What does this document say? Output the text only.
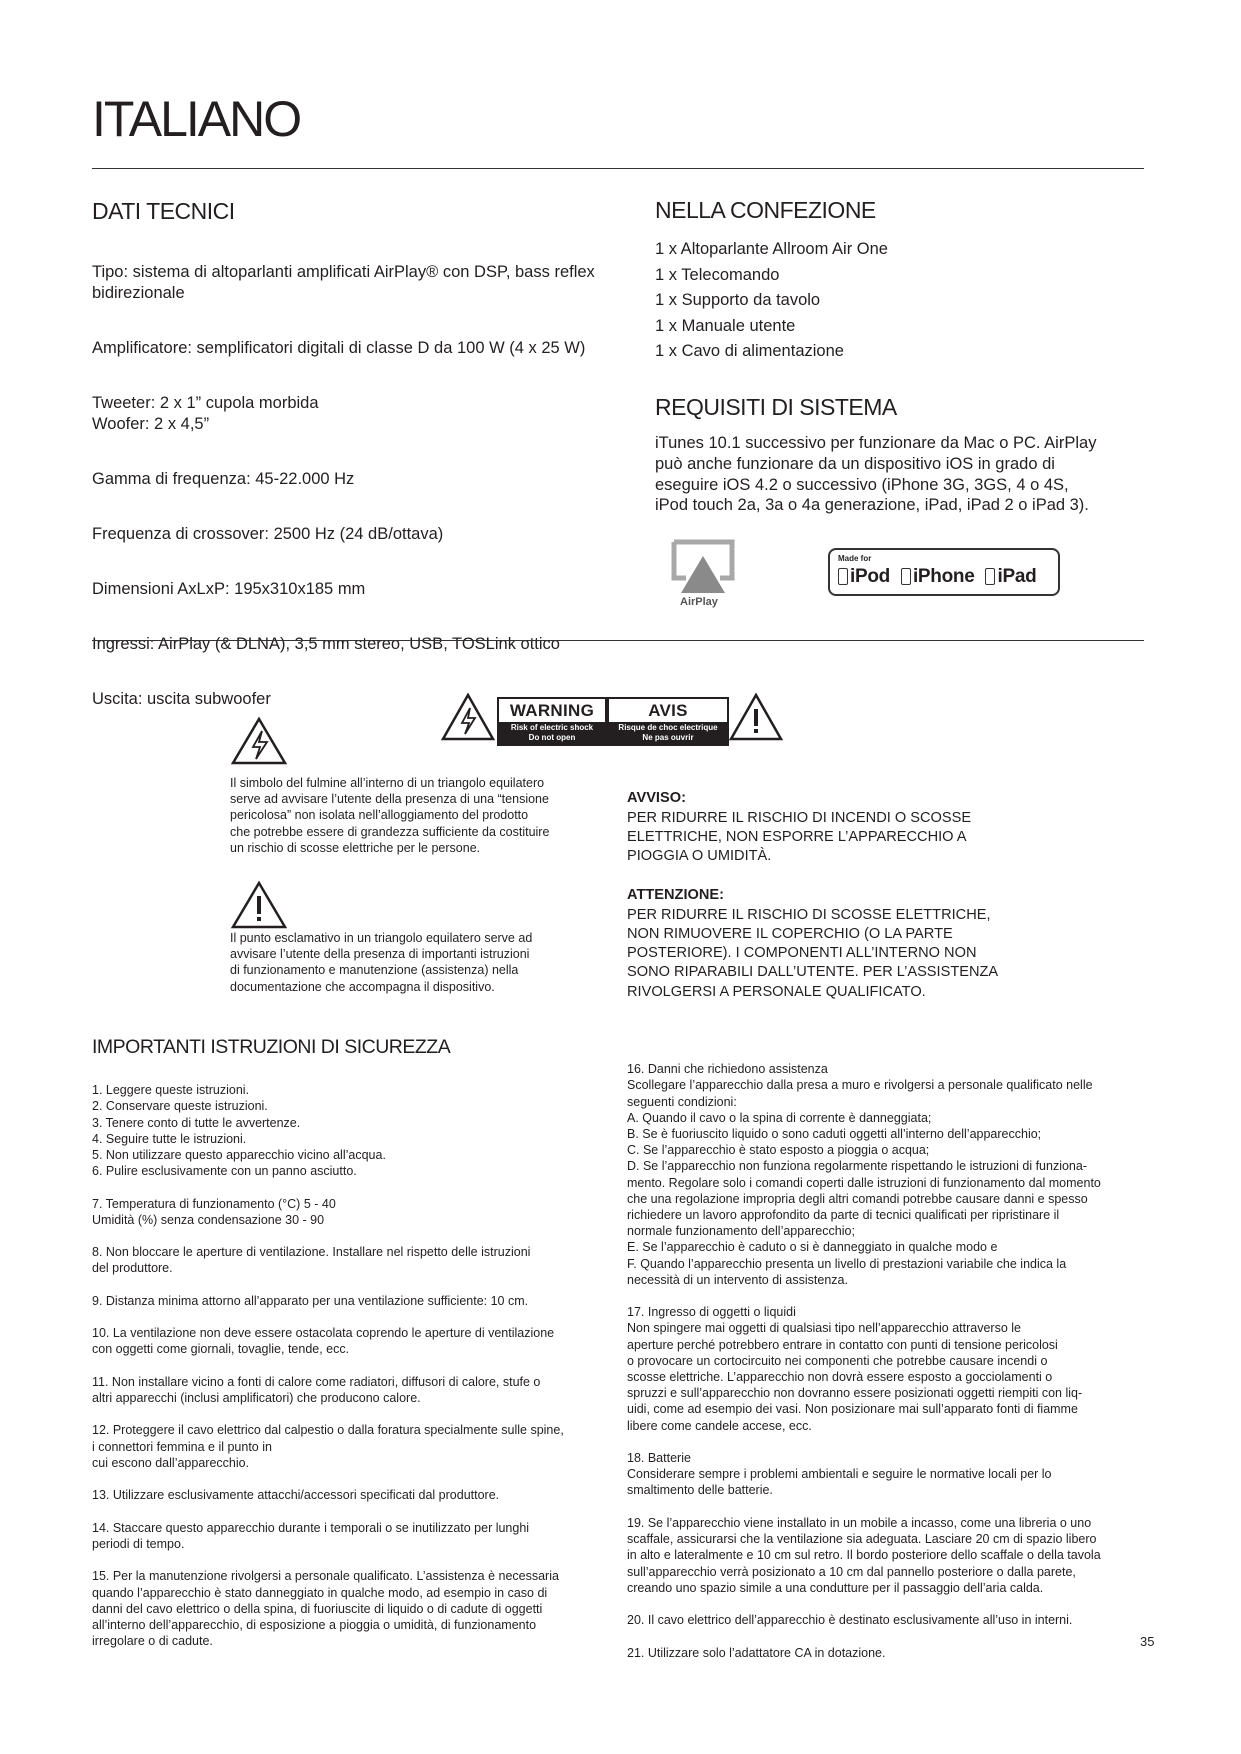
ITALIANO
DATI TECNICI

Tipo: sistema di altoparlanti amplificati AirPlay® con DSP, bass reflex bidirezionale

Amplificatore: semplificatori digitali di classe D da 100 W (4 x 25 W)

Tweeter: 2 x 1” cupola morbida
Woofer: 2 x 4,5”

Gamma di frequenza: 45-22.000 Hz

Frequenza di crossover: 2500 Hz (24 dB/ottava)

Dimensioni AxLxP: 195x310x185 mm

Ingressi: AirPlay (& DLNA), 3,5 mm stereo, USB, TOSLink ottico

Uscita: uscita subwoofer

NELLA CONFEZIONE

1 x Altoparlante Allroom Air One

1 x Telecomando

1 x Supporto da tavolo

1 x Manuale utente

1 x Cavo di alimentazione

REQUISITI DI SISTEMA

iTunes 10.1 successivo per funzionare da Mac o PC. AirPlay

può anche funzionare da un dispositivo iOS in grado di

eseguire iOS 4.2 o successivo (iPhone 3G, 3GS, 4 o 4S,

iPod touch 2a, 3a o 4a generazione, iPad, iPad 2 o iPad 3).

AirPlay
Made for
iPod iPhone iPad
WARNING
Risk of electric shock
Do not open
AVIS
Risque de choc electrique
Ne pas ouvrir
Il simbolo del fulmine all’interno di un triangolo equilatero
serve ad avvisare l’utente della presenza di una “tensione
pericolosa” non isolata nell’alloggiamento del prodotto
che potrebbe essere di grandezza sufficiente da costituire
un rischio di scosse elettriche per le persone.
Il punto esclamativo in un triangolo equilatero serve ad
avvisare l’utente della presenza di importanti istruzioni
di funzionamento e manutenzione (assistenza) nella
documentazione che accompagna il dispositivo.

AVVISO:

PER RIDURRE IL RISCHIO DI INCENDI O SCOSSE
ELETTRICHE, NON ESPORRE L’APPARECCHIO A
PIOGGIA O UMIDITÀ.

ATTENZIONE:

PER RIDURRE IL RISCHIO DI SCOSSE ELETTRICHE,
NON RIMUOVERE IL COPERCHIO (O LA PARTE
POSTERIORE). I COMPONENTI ALL’INTERNO NON
SONO RIPARABILI DALL’UTENTE. PER L’ASSISTENZA
RIVOLGERSI A PERSONALE QUALIFICATO.

IMPORTANTI ISTRUZIONI DI SICUREZZA

1. Leggere queste istruzioni.
2. Conservare queste istruzioni.
3. Tenere conto di tutte le avvertenze.
4. Seguire tutte le istruzioni.
5. Non utilizzare questo apparecchio vicino all’acqua.
6. Pulire esclusivamente con un panno asciutto.

7. Temperatura di funzionamento (°C) 5 - 40
Umidità (%) senza condensazione 30 - 90

8. Non bloccare le aperture di ventilazione. Installare nel rispetto delle istruzioni
del produttore.

9. Distanza minima attorno all’apparato per una ventilazione sufficiente: 10 cm.

10. La ventilazione non deve essere ostacolata coprendo le aperture di ventilazione
con oggetti come giornali, tovaglie, tende, ecc.

11. Non installare vicino a fonti di calore come radiatori, diffusori di calore, stufe o
altri apparecchi (inclusi amplificatori) che producono calore.

12. Proteggere il cavo elettrico dal calpestio o dalla foratura specialmente sulle spine,
i connettori femmina e il punto in
cui escono dall’apparecchio.

13. Utilizzare esclusivamente attacchi/accessori specificati dal produttore.

14. Staccare questo apparecchio durante i temporali o se inutilizzato per lunghi
periodi di tempo.

15. Per la manutenzione rivolgersi a personale qualificato. L’assistenza è necessaria
quando l’apparecchio è stato danneggiato in qualche modo, ad esempio in caso di
danni del cavo elettrico o della spina, di fuoriuscite di liquido o di cadute di oggetti
all’interno dell’apparecchio, di esposizione a pioggia o umidità, di funzionamento
irregolare o di cadute.

16. Danni che richiedono assistenza
Scollegare l’apparecchio dalla presa a muro e rivolgersi a personale qualificato nelle
seguenti condizioni:
A. Quando il cavo o la spina di corrente è danneggiata;
B. Se è fuoriuscito liquido o sono caduti oggetti all’interno dell’apparecchio;
C. Se l’apparecchio è stato esposto a pioggia o acqua;
D. Se l’apparecchio non funziona regolarmente rispettando le istruzioni di funziona-
mento. Regolare solo i comandi coperti dalle istruzioni di funzionamento dal momento
che una regolazione impropria degli altri comandi potrebbe causare danni e spesso
richiedere un lavoro approfondito da parte di tecnici qualificati per ripristinare il
normale funzionamento dell’apparecchio;
E. Se l’apparecchio è caduto o si è danneggiato in qualche modo e
F. Quando l’apparecchio presenta un livello di prestazioni variabile che indica la
necessità di un intervento di assistenza.

17. Ingresso di oggetti o liquidi
Non spingere mai oggetti di qualsiasi tipo nell’apparecchio attraverso le
aperture perché potrebbero entrare in contatto con punti di tensione pericolosi
o provocare un cortocircuito nei componenti che potrebbe causare incendi o
scosse elettriche. L’apparecchio non dovrà essere esposto a gocciolamenti o
spruzzi e sull’apparecchio non dovranno essere posizionati oggetti riempiti con liq-
uidi, come ad esempio dei vasi. Non posizionare mai sull’apparato fonti di fiamme
libere come candele accese, ecc.

18. Batterie
Considerare sempre i problemi ambientali e seguire le normative locali per lo
smaltimento delle batterie.

19. Se l’apparecchio viene installato in un mobile a incasso, come una libreria o uno
scaffale, assicurarsi che la ventilazione sia adeguata. Lasciare 20 cm di spazio libero
in alto e lateralmente e 10 cm sul retro. Il bordo posteriore dello scaffale o della tavola
sull’apparecchio verrà posizionato a 10 cm dal pannello posteriore o dalla parete,
creando uno spazio simile a una condutture per il passaggio dell’aria calda.

20. Il cavo elettrico dell’apparecchio è destinato esclusivamente all’uso in interni.

21. Utilizzare solo l’adattatore CA in dotazione.

35
